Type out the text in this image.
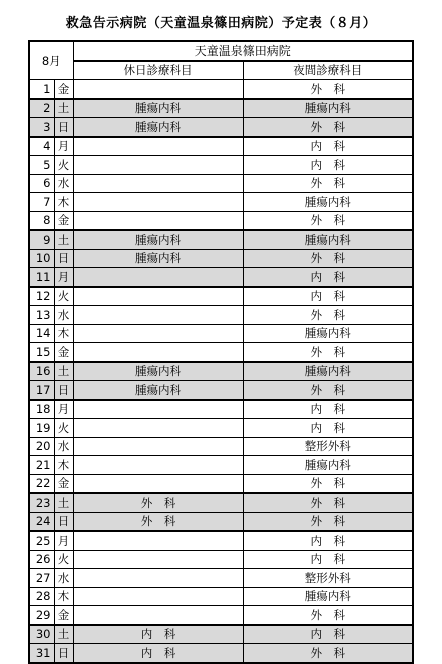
救急告示病院（天童温泉篠田病院）予定表（８月）
8月		天童温泉篠田病院	
		休日診療科目	夜間診療科目
1	金		外　科
2	土	腫瘍内科	腫瘍内科
3	日	腫瘍内科	外　科
4	月		内　科
5	火		内　科
6	水		外　科
7	木		腫瘍内科
8	金		外　科
9	土	腫瘍内科	腫瘍内科
10	日	腫瘍内科	外　科
11	月		内　科
12	火		内　科
13	水		外　科
14	木		腫瘍内科
15	金		外　科
16	土	腫瘍内科	腫瘍内科
17	日	腫瘍内科	外　科
18	月		内　科
19	火		内　科
20	水		整形外科
21	木		腫瘍内科
22	金		外　科
23	土	外　科	外　科
24	日	外　科	外　科
25	月		内　科
26	火		内　科
27	水		整形外科
28	木		腫瘍内科
29	金		外　科
30	土	内　科	内　科
31	日	内　科	外　科
